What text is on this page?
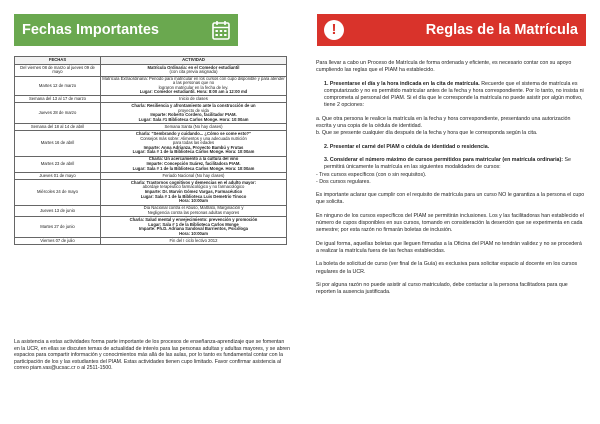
Fechas Importantes
FECHAS	ACTIVIDAD
Del viernes 08 de marzo al jueves 09 de mayo	Matrícula Ordinaria: en el Comedor estudiantil
(con cita previa asignada)

Martes 12 de marzo	Matrícula Extraordinaria: Periodo para matricular en los cursos con cupo disponible y para atender a las personas que no
lograron matricular en la fecha de ley.
Lugar: Comedor estudiantil. Hora: 8:00 am a 12:00 md

Semana del 13 al 17 de marzo	Inicio de clases

Jueves 28 de marzo	Charla: Resiliencia y afrontamiento ante la construcción de un
proyecto de vida
Imparte: Roberto Cordero, facilitador PIAM.
Lugar: Sala #1 Biblioteca Carlos Monge. Hora: 10:00am

Semana del 18 al 14 de abril	Semana Santa (No hay clases)

Martes 16 de abril	Charla: "Sembrando y cuidando... ¿Cómo se come esto?"
Consejos más sobre: Alimentos y una adecuada nutrición
para todas las edades
Imparte: Anna Adrianza, Proyecto Bambú y Frutas
Lugar: Sala # 1 de la Biblioteca Carlos Monge. Hora: 10:00am

Martes 23 de abril	Charla: Un acercamiento a la cultura del vino
Imparte: Concepción Suárez, facilitadora PIAM.
Lugar: Sala # 1 de la Biblioteca Carlos Monge. Hora: 10:00am

Jueves 01 de mayo	Feriado Nacional (No hay clases)

Miércoles 24 de mayo	Charla: Trastornos cognitivos y demencias en el adulto mayor:
abordaje terapéutico farmacológico y no farmacológico
Imparte: Dr. Marvin Gómez Vargas, Farmacéutico
Lugar: Sala # 1 de la Biblioteca Luis Demetrio Tinoco
Hora: 10:00am

Jueves 13 de junio	Día Nacional contra el Abuso, Maltrato, Marginación y
Negligencia contra las personas adultas mayores

Martes 27 de junio	Charla: Salud mental y envejecimiento: prevención y promoción
Lugar: Sala # 1 de la Biblioteca Carlos Monge
Imparte: Ph.D. Adriana Sandoval Barrientos, Psicóloga
Hora: 10:00am

Viernes 07 de julio	Fin del I ciclo lectivo 2012
La asistencia a estas actividades forma parte importante de los procesos de enseñanza-aprendizaje que se fomentan en la UCR, en ellas se discuten temas de actualidad de interés para las personas adultas y adultas mayores, y se abren espacios para compartir información y conocimientos más allá de las aulas, por lo tanto es fundamental contar con la participación de los y las estudiantes del PIAM. Estas actividades tienen cupo limitado. Favor confirmar asistencia al correo piam.vas@ucsac.cr o al 2511-1500.
Reglas de la Matrícula
!

Para llevar a cabo un Proceso de Matrícula de forma ordenada y eficiente, es necesario contar con su apoyo cumpliendo las reglas que el PIAM ha establecido.

1. Presentarse el día y la hora indicada en la cita de matrícula. Recuerde que el sistema de matrícula es computarizado y no es permitido matricular antes de la fecha y hora correspondiente. Por lo tanto, no insista ni comprometa al personal del PIAM. Si el día que le corresponde la matrícula no puede asistir por algún motivo, tiene 2 opciones:

a. Que otra persona le realice la matrícula en la fecha y hora correspondiente, presentando una autorización escrita y una copia de la cédula de identidad.

b. Que se presente cualquier día después de la fecha y hora que le corresponda según la cita.

2. Presentar el carné del PIAM o cédula de identidad o residencia.

3. Considerar el número máximo de cursos permitidos para matricular (en matrícula ordinaria): Se permitirá únicamente la matrícula en las siguientes modalidades de cursos:

- Tres cursos específicos (con o sin requisitos).

- Dos cursos regulares.

Es importante aclarar que cumplir con el requisito de matrícula para un curso NO le garantiza a la persona el cupo que solicita.

En ninguno de los cursos específicos del PIAM se permitirán inclusiones. Los y las facilitadoras han establecido el número de cupos disponibles en sus cursos, tomando en consideración la deserción que se experimenta en cada semestre; por esta razón no firmarán boletas de inclusión.

De igual forma, aquellas boletas que lleguen firmadas a la Oficina del PIAM no tendrán validez y no se procederá a realizar la matrícula fuera de las fechas establecidas.

La boleta de solicitud de curso (ver final de la Guía) es exclusiva para solicitar espacio al docente en los cursos regulares de la UCR.

Si por alguna razón no puede asistir al curso matriculado, debe contactar a la persona facilitadora para que reporten la ausencia justificada.
